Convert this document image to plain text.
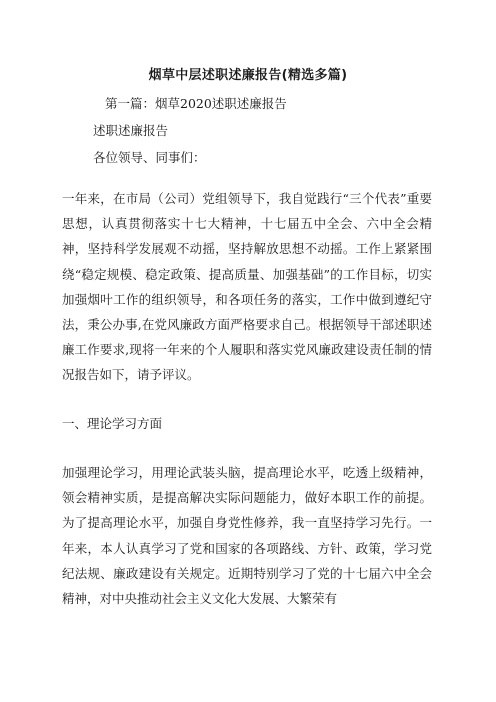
烟草中层述职述廉报告(精选多篇)
第一篇：烟草2020述职述廉报告
述职述廉报告
各位领导、同事们：

一年来，在市局（公司）党组领导下，我自觉践行“三个代表”重要思想，认真贯彻落实十七大精神，十七届五中全会、六中全会精神，坚持科学发展观不动摇，坚持解放思想不动摇。工作上紧紧围绕“稳定规模、稳定政策、提高质量、加强基础”的工作目标，切实加强烟叶工作的组织领导，和各项任务的落实，工作中做到遵纪守法，秉公办事,在党风廉政方面严格要求自己。根据领导干部述职述廉工作要求,现将一年来的个人履职和落实党风廉政建设责任制的情况报告如下，请予评议。

一、理论学习方面

加强理论学习，用理论武装头脑，提高理论水平，吃透上级精神，领会精神实质，是提高解决实际问题能力，做好本职工作的前提。为了提高理论水平，加强自身党性修养，我一直坚持学习先行。一年来，本人认真学习了党和国家的各项路线、方针、政策，学习党纪法规、廉政建设有关规定。近期特别学习了党的十七届六中全会精神，对中央推动社会主义文化大发展、大繁荣有
